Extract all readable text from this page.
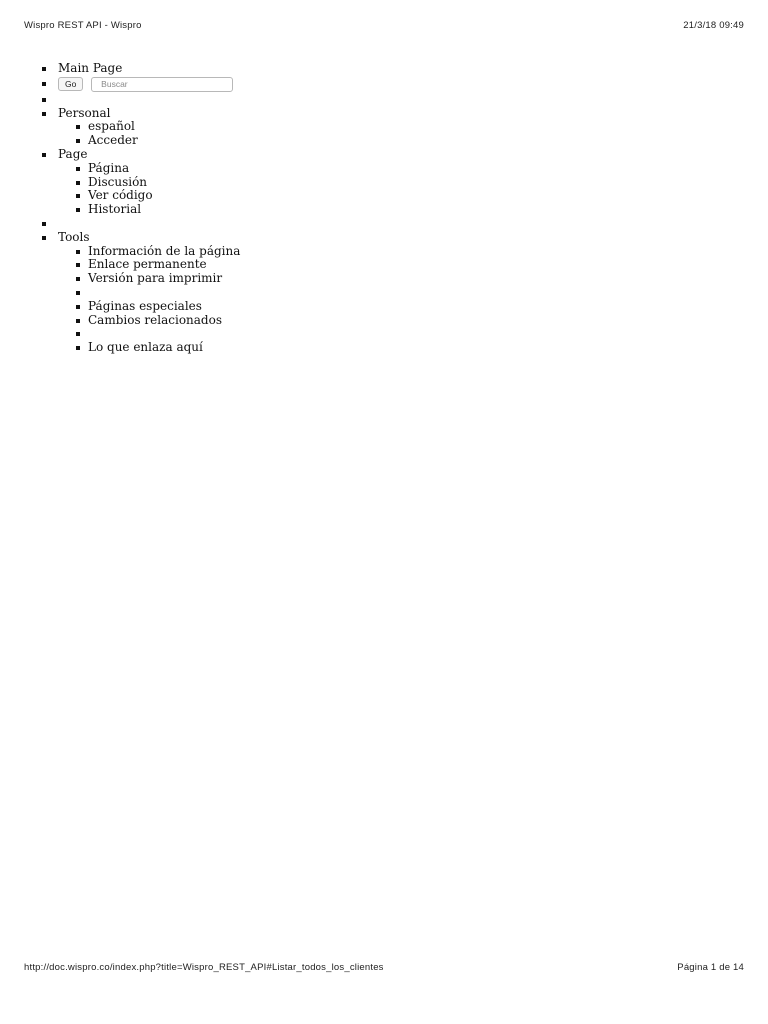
Wispro REST API - Wispro	21/3/18 09:49
Main Page
Go Buscar
Personal
español
Acceder
Page
Página
Discusión
Ver código
Historial
Tools
Información de la página
Enlace permanente
Versión para imprimir
Páginas especiales
Cambios relacionados
Lo que enlaza aquí
http://doc.wispro.co/index.php?title=Wispro_REST_API#Listar_todos_los_clientes	Página 1 de 14
